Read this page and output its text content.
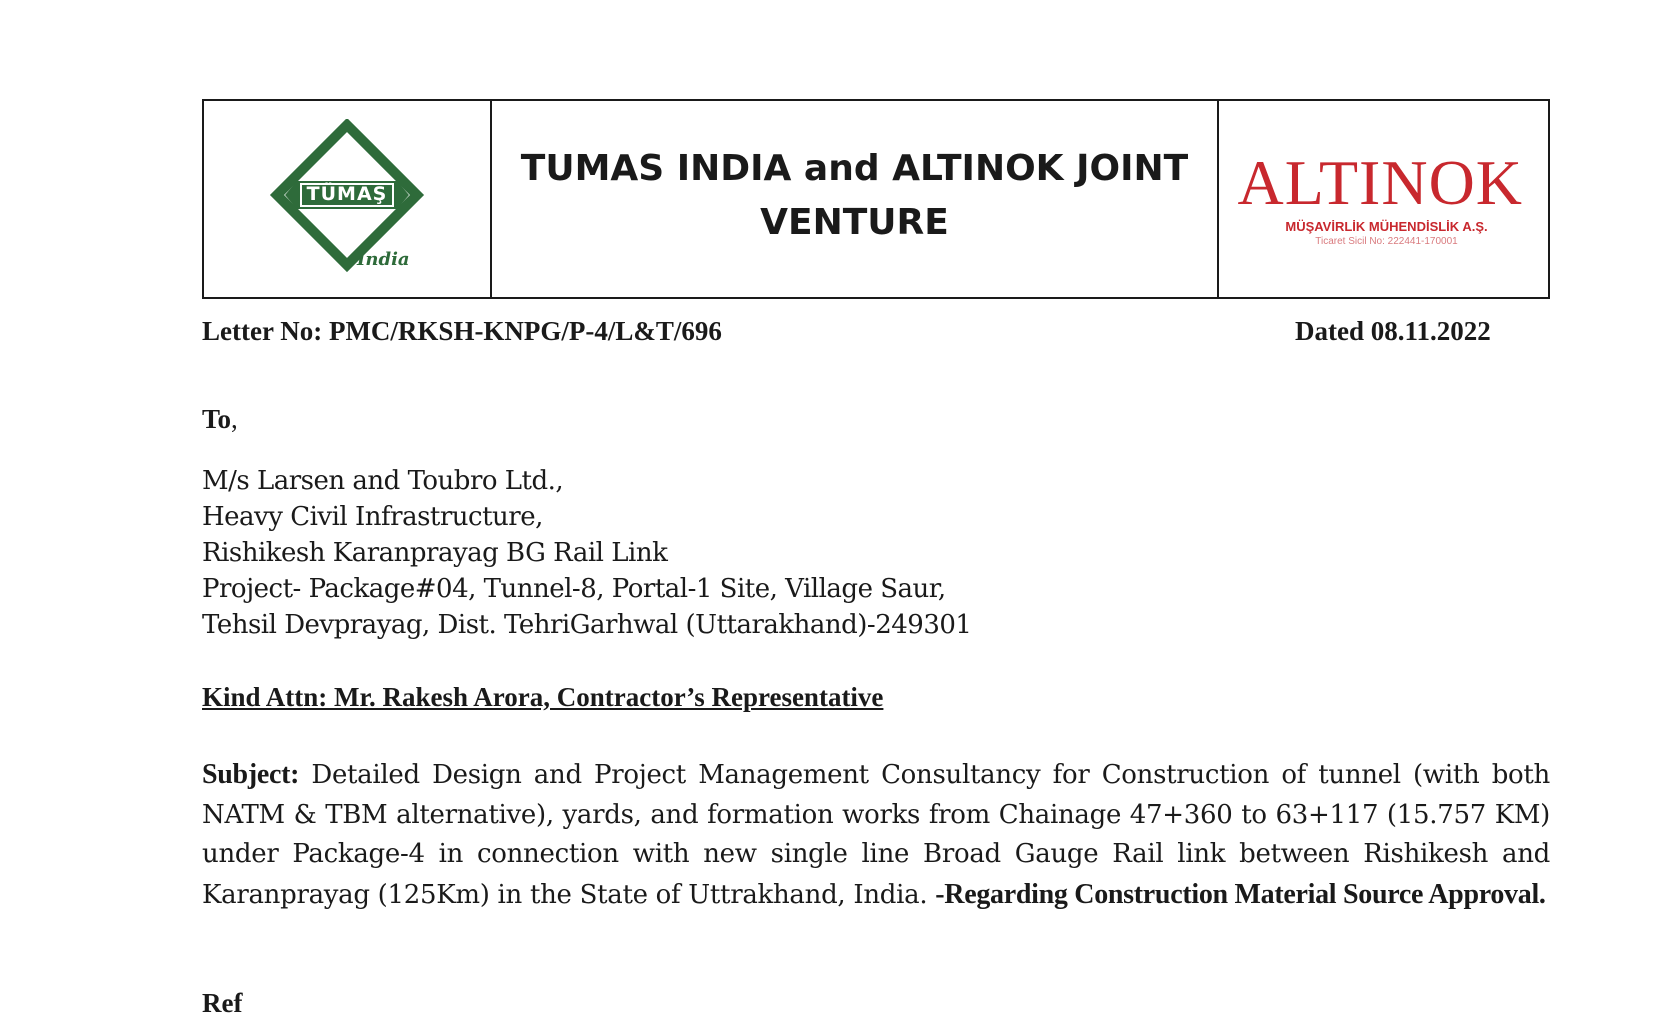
TÜMAŞ
India
TUMAS INDIA and ALTINOK JOINT
VENTURE
ALTINOK
MÜŞAVİRLİK MÜHENDİSLİK A.Ş.
Ticaret Sicil No: 222441-170001
Letter No: PMC/RKSH-KNPG/P-4/L&T/696	Dated 08.11.2022
To,
M/s Larsen and Toubro Ltd.,
Heavy Civil Infrastructure,
Rishikesh Karanprayag BG Rail Link
Project- Package#04, Tunnel-8, Portal-1 Site, Village Saur,
Tehsil Devprayag, Dist. TehriGarhwal (Uttarakhand)-249301
Kind Attn: Mr. Rakesh Arora, Contractor’s Representative
Subject: Detailed Design and Project Management Consultancy for Construction of tunnel (with both NATM & TBM alternative), yards, and formation works from Chainage 47+360 to 63+117 (15.757 KM) under Package-4 in connection with new single line Broad Gauge Rail link between Rishikesh and Karanprayag (125Km) in the State of Uttrakhand, India. -Regarding Construction Material Source Approval.
Ref
